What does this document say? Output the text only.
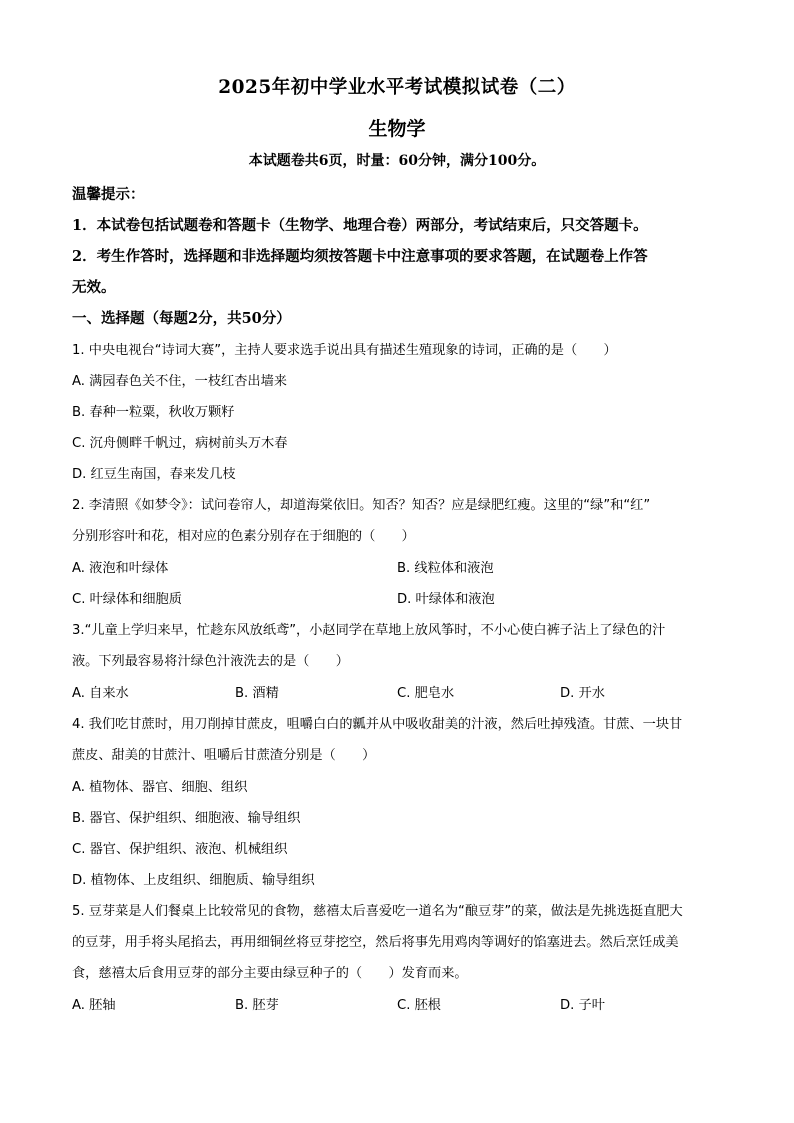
2025年初中学业水平考试模拟试卷（二）
生物学
本试题卷共6页，时量：60分钟，满分100分。
温馨提示：
1．本试卷包括试题卷和答题卡（生物学、地理合卷）两部分，考试结束后，只交答题卡。
2．考生作答时，选择题和非选择题均须按答题卡中注意事项的要求答题，在试题卷上作答
无效。
一、选择题（每题2分，共50分）
1. 中央电视台“诗词大赛”，主持人要求选手说出具有描述生殖现象的诗词，正确的是（　　）
A. 满园春色关不住，一枝红杏出墙来
B. 春种一粒粟，秋收万颗籽
C. 沉舟侧畔千帆过，病树前头万木春
D. 红豆生南国，春来发几枝
2. 李清照《如梦令》：试问卷帘人，却道海棠依旧。知否？知否？应是绿肥红瘦。这里的“绿”和“红”
分别形容叶和花，相对应的色素分别存在于细胞的（　　）
A. 液泡和叶绿体	B. 线粒体和液泡
C. 叶绿体和细胞质	D. 叶绿体和液泡
3.“儿童上学归来早，忙趁东风放纸鸢”，小赵同学在草地上放风筝时，不小心使白裤子沾上了绿色的汁
液。下列最容易将汁绿色汁液洗去的是（　　）
A. 自来水	B. 酒精	C. 肥皂水	D. 开水
4. 我们吃甘蔗时，用刀削掉甘蔗皮，咀嚼白白的瓤并从中吸收甜美的汁液，然后吐掉残渣。甘蔗、一块甘
蔗皮、甜美的甘蔗汁、咀嚼后甘蔗渣分别是（　　）
A. 植物体、器官、细胞、组织
B. 器官、保护组织、细胞液、输导组织
C. 器官、保护组织、液泡、机械组织
D. 植物体、上皮组织、细胞质、输导组织
5. 豆芽菜是人们餐桌上比较常见的食物，慈禧太后喜爱吃一道名为“酿豆芽”的菜，做法是先挑选挺直肥大
的豆芽，用手将头尾掐去，再用细铜丝将豆芽挖空，然后将事先用鸡肉等调好的馅塞进去。然后烹饪成美
食，慈禧太后食用豆芽的部分主要由绿豆种子的（　　）发育而来。
A. 胚轴	B. 胚芽	C. 胚根	D. 子叶
